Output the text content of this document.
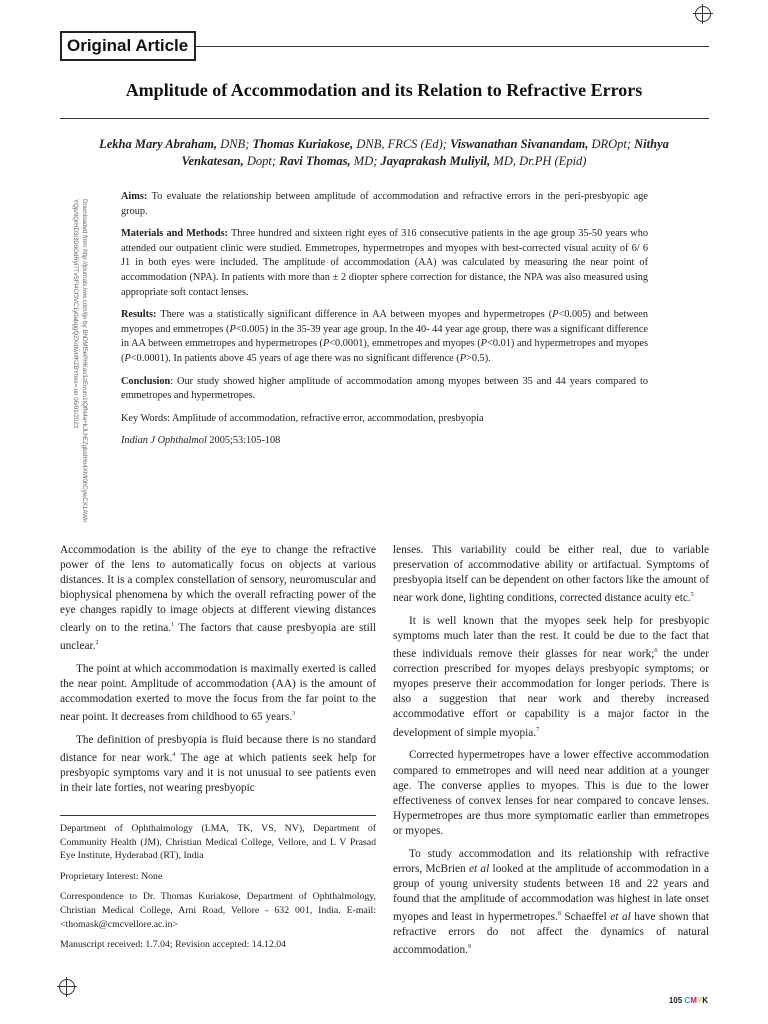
Original Article
Amplitude of Accommodation and its Relation to Refractive Errors
Lekha Mary Abraham, DNB; Thomas Kuriakose, DNB, FRCS (Ed); Viswanathan Sivanandam, DROpt; Nithya
Venkatesan, Dopt; Ravi Thomas, MD; Jayaprakash Muliyil, MD, Dr.PH (Epid)
Downloaded from http://journals.lww.com/ijo by BhDMf5ePHKav1zEoum1tQfN4a+kJLhEZgbsIHo4XMi0hCywCX1AWn
YQp/IlQrHD3i3D0OdRyi7TvSFl4Cf3VC1y0abggQZXdtwnfKZBYtws= on 06/01/2023

Aims: To evaluate the relationship between amplitude of accommodation and refractive errors in the peri-presbyopic age group.

Materials and Methods: Three hundred and sixteen right eyes of 316 consecutive patients in the age group 35-50 years who attended our outpatient clinic were studied. Emmetropes, hypermetropes and myopes with best-corrected visual acuity of 6/ 6 J1 in both eyes were included. The amplitude of accommodation (AA) was calculated by measuring the near point of accommodation (NPA). In patients with more than ± 2 diopter sphere correction for distance, the NPA was also measured using appropriate soft contact lenses.

Results: There was a statistically significant difference in AA between myopes and hypermetropes (P<0.005) and between myopes and emmetropes (P<0.005) in the 35-39 year age group. In the 40- 44 year age group, there was a significant difference in AA between emmetropes and hypermetropes (P<0.0001), emmetropes and myopes (P<0.01) and hypermetropes and myopes (P<0.0001). In patients above 45 years of age there was no significant difference (P>0.5).

Conclusion: Our study showed higher amplitude of accommodation among myopes between 35 and 44 years compared to emmetropes and hypermetropes.

Key Words: Amplitude of accommodation, refractive error, accommodation, presbyopia

Indian J Ophthalmol 2005;53:105-108

Accommodation is the ability of the eye to change the refractive power of the lens to automatically focus on objects at various distances. It is a complex constellation of sensory, neuromuscular and biophysical phenomena by which the overall refracting power of the eye changes rapidly to image objects at different viewing distances clearly on to the retina.$^1$ The factors that cause presbyopia are still unclear.$^2$

The point at which accommodation is maximally exerted is called the near point. Amplitude of accommodation (AA) is the amount of accommodation exerted to move the focus from the far point to the near point. It decreases from childhood to 65 years.$^3$

The definition of presbyopia is fluid because there is no standard distance for near work.$^4$ The age at which patients seek help for presbyopic symptoms vary and it is not unusual to see patients even in their late forties, not wearing presbyopic

Department of Ophthalmology (LMA, TK, VS, NV), Department of Community Health (JM), Christian Medical College, Vellore, and L V Prasad Eye Institute, Hyderabad (RT), India

Proprietary Interest: None

Correspondence to Dr. Thomas Kuriakose, Department of Ophthalmology, Christian Medical College, Arni Road, Vellore - 632 001, India. E-mail: <thomask@cmcvellore.ac.in>

Manuscript received: 1.7.04; Revision accepted: 14.12.04

lenses. This variability could be either real, due to variable preservation of accommodative ability or artifactual. Symptoms of presbyopia itself can be dependent on other factors like the amount of near work done, lighting conditions, corrected distance acuity etc.$^5$

It is well known that the myopes seek help for presbyopic symptoms much later than the rest. It could be due to the fact that these individuals remove their glasses for near work;$^6$ the under correction prescribed for myopes delays presbyopic symptoms; or myopes preserve their accommodation for longer periods. There is also a suggestion that near work and thereby increased accommodative effort or capability is a major factor in the development of simple myopia.$^7$

Corrected hypermetropes have a lower effective accommodation compared to emmetropes and will need near addition at a younger age. The converse applies to myopes. This is due to the lower effectiveness of convex lenses for near compared to concave lenses. Hypermetropes are thus more symptomatic earlier than emmetropes or myopes.

To study accommodation and its relationship with refractive errors, McBrien et al looked at the amplitude of accommodation in a group of young university students between 18 and 22 years and found that the amplitude of accommodation was highest in late onset myopes and least in hypermetropes.$^8$ Schaeffel et al have shown that refractive errors do not affect the dynamics of natural accommodation.$^9$

105 CMYK
